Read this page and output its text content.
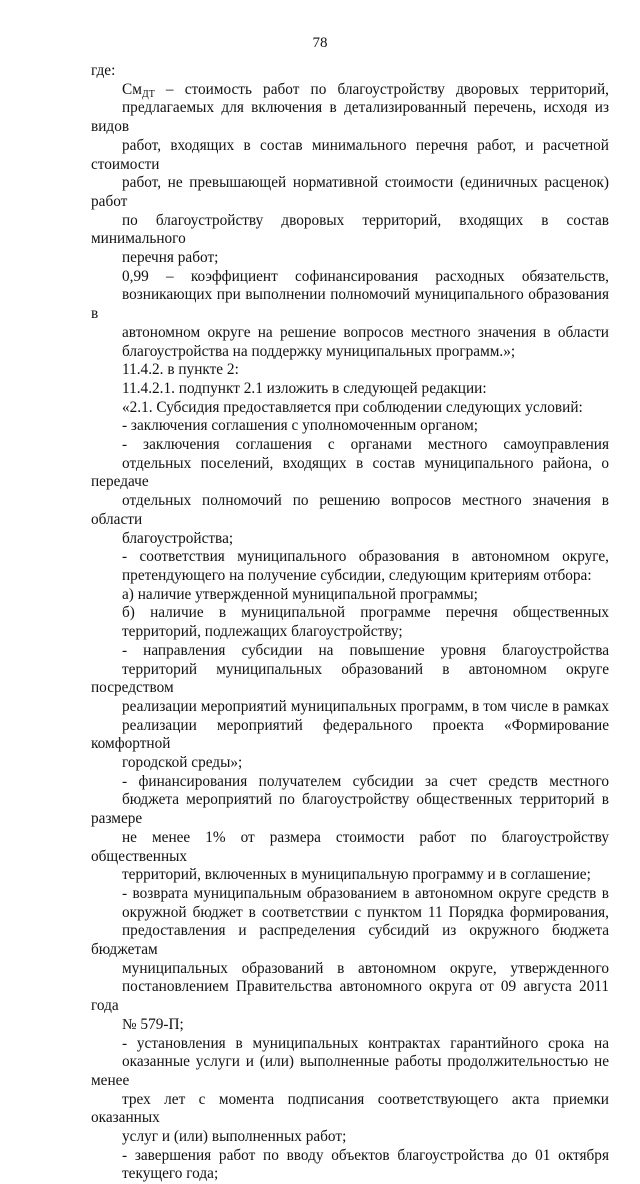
78
где:
$См_{ДТ}$ – стоимость работ по благоустройству дворовых территорий,
предлагаемых для включения в детализированный перечень, исходя из видов
работ, входящих в состав минимального перечня работ, и расчетной стоимости
работ, не превышающей нормативной стоимости (единичных расценок) работ
по благоустройству дворовых территорий, входящих в состав минимального
перечня работ;
0,99 – коэффициент софинансирования расходных обязательств,
возникающих при выполнении полномочий муниципального образования в
автономном округе на решение вопросов местного значения в области
благоустройства на поддержку муниципальных программ.»;
11.4.2. в пункте 2:
11.4.2.1. подпункт 2.1 изложить в следующей редакции:
«2.1. Субсидия предоставляется при соблюдении следующих условий:
- заключения соглашения с уполномоченным органом;
- заключения соглашения с органами местного самоуправления
отдельных поселений, входящих в состав муниципального района, о передаче
отдельных полномочий по решению вопросов местного значения в области
благоустройства;
- соответствия муниципального образования в автономном округе,
претендующего на получение субсидии, следующим критериям отбора:
а) наличие утвержденной муниципальной программы;
б) наличие в муниципальной программе перечня общественных
территорий, подлежащих благоустройству;
- направления субсидии на повышение уровня благоустройства
территорий муниципальных образований в автономном округе посредством
реализации мероприятий муниципальных программ, в том числе в рамках
реализации мероприятий федерального проекта «Формирование комфортной
городской среды»;
- финансирования получателем субсидии за счет средств местного
бюджета мероприятий по благоустройству общественных территорий в размере
не менее 1% от размера стоимости работ по благоустройству общественных
территорий, включенных в муниципальную программу и в соглашение;
- возврата муниципальным образованием в автономном округе средств в
окружной бюджет в соответствии с пунктом 11 Порядка формирования,
предоставления и распределения субсидий из окружного бюджета бюджетам
муниципальных образований в автономном округе, утвержденного
постановлением Правительства автономного округа от 09 августа 2011 года
№ 579-П;
- установления в муниципальных контрактах гарантийного срока на
оказанные услуги и (или) выполненные работы продолжительностью не менее
трех лет с момента подписания соответствующего акта приемки оказанных
услуг и (или) выполненных работ;
- завершения работ по вводу объектов благоустройства до 01 октября
текущего года;
